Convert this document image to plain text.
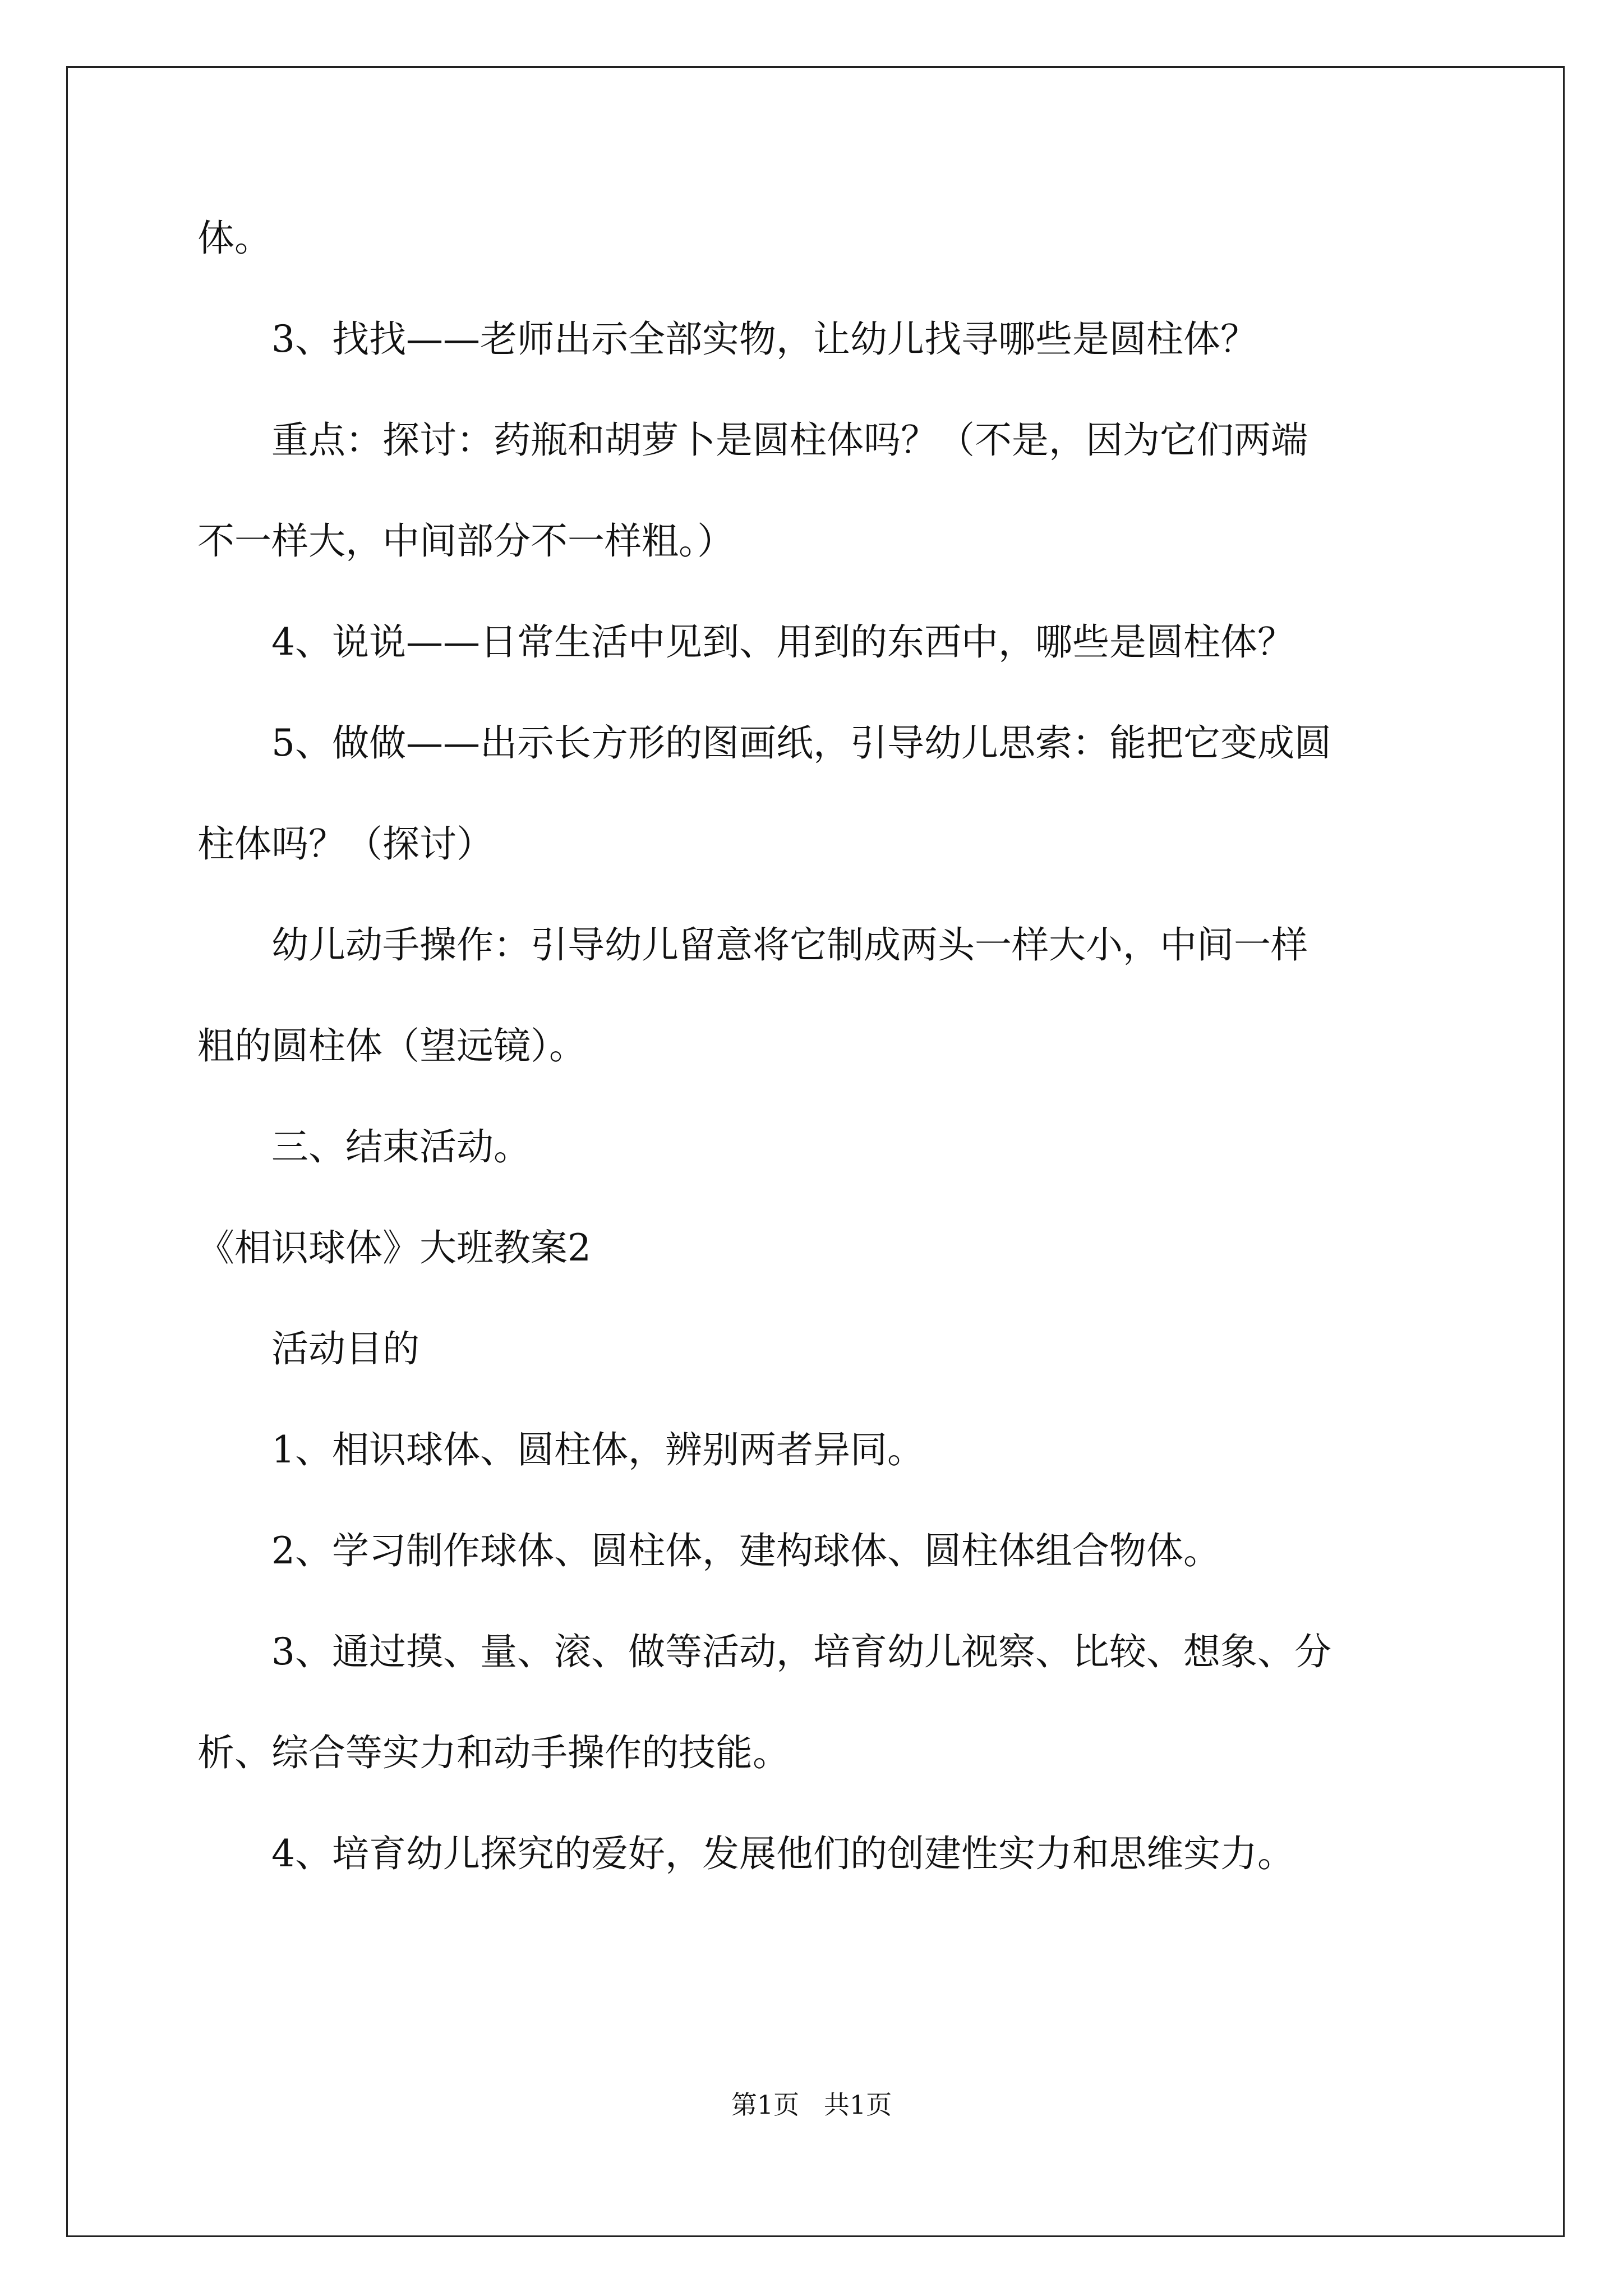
体。
3、找找——老师出示全部实物，让幼儿找寻哪些是圆柱体？
重点：探讨：药瓶和胡萝卜是圆柱体吗？（不是，因为它们两端
不一样大，中间部分不一样粗。）
4、说说——日常生活中见到、用到的东西中，哪些是圆柱体？
5、做做——出示长方形的图画纸，引导幼儿思索：能把它变成圆
柱体吗？（探讨）
幼儿动手操作：引导幼儿留意将它制成两头一样大小，中间一样
粗的圆柱体（望远镜）。
三、结束活动。
《相识球体》大班教案2
活动目的
1、相识球体、圆柱体，辨别两者异同。
2、学习制作球体、圆柱体，建构球体、圆柱体组合物体。
3、通过摸、量、滚、做等活动，培育幼儿视察、比较、想象、分
析、综合等实力和动手操作的技能。
4、培育幼儿探究的爱好，发展他们的创建性实力和思维实力。
第1页   共1页
